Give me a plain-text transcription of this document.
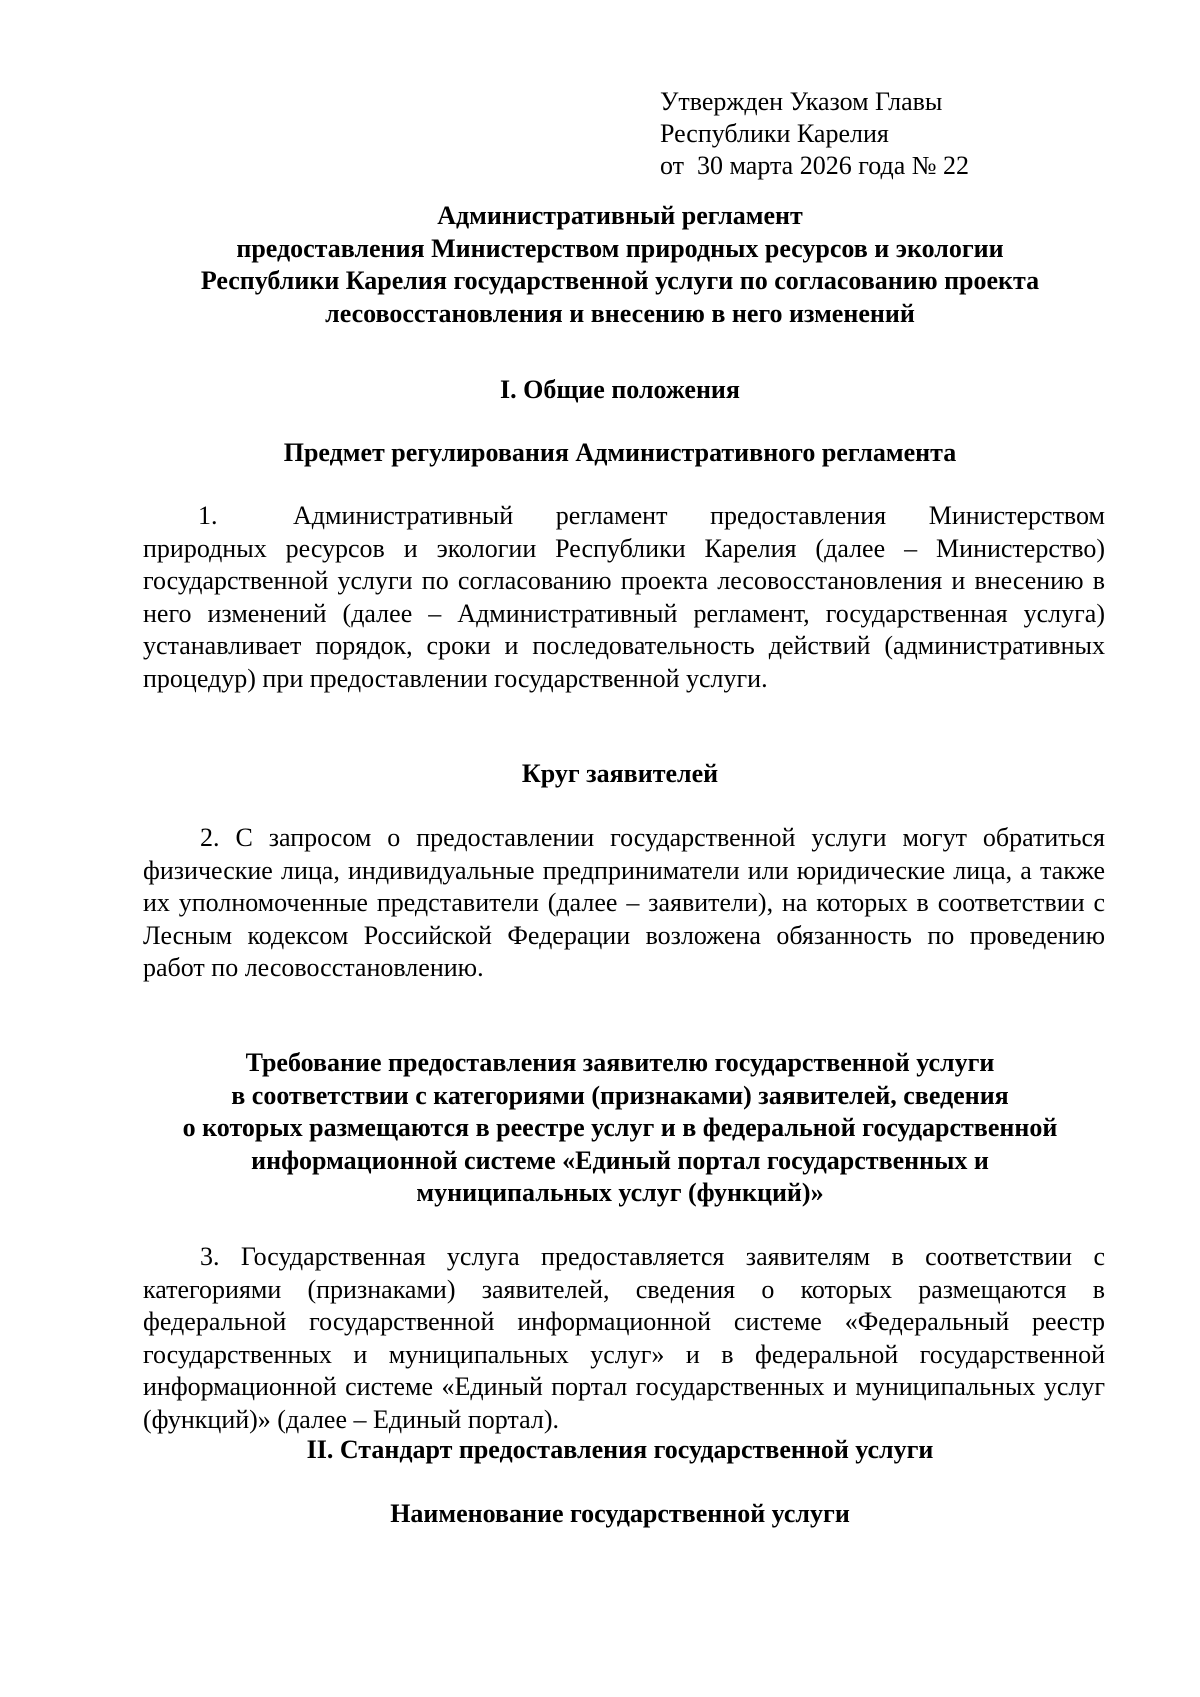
Утвержден Указом Главы
Республики Карелия
от  30 марта 2026 года № 22
Административный регламент
предоставления Министерством природных ресурсов и экологии
Республики Карелия государственной услуги по согласованию проекта
лесовосстановления и внесению в него изменений
I. Общие положения
Предмет регулирования Административного регламента
1.	Административный регламент предоставления Министерством природных ресурсов и экологии Республики Карелия (далее – Министерство) государственной услуги по согласованию проекта лесовосстановления и внесению в него изменений (далее – Административный регламент, государственная услуга) устанавливает порядок, сроки и последовательность действий (административных процедур) при предоставлении государственной услуги.
Круг заявителей
2. С запросом о предоставлении государственной услуги могут обратиться физические лица, индивидуальные предприниматели или юридические лица, а также их уполномоченные представители (далее – заявители), на которых в соответствии с Лесным кодексом Российской Федерации возложена обязанность по проведению работ по лесовосстановлению.
Требование предоставления заявителю государственной услуги
в соответствии с категориями (признаками) заявителей, сведения
о которых размещаются в реестре услуг и в федеральной государственной
информационной системе «Единый портал государственных и
муниципальных услуг (функций)»
3. Государственная услуга предоставляется заявителям в соответствии с категориями (признаками) заявителей, сведения о которых размещаются в федеральной государственной информационной системе «Федеральный реестр государственных и муниципальных услуг» и в федеральной государственной информационной системе «Единый портал государственных и муниципальных услуг (функций)» (далее – Единый портал).
II. Стандарт предоставления государственной услуги
Наименование государственной услуги
